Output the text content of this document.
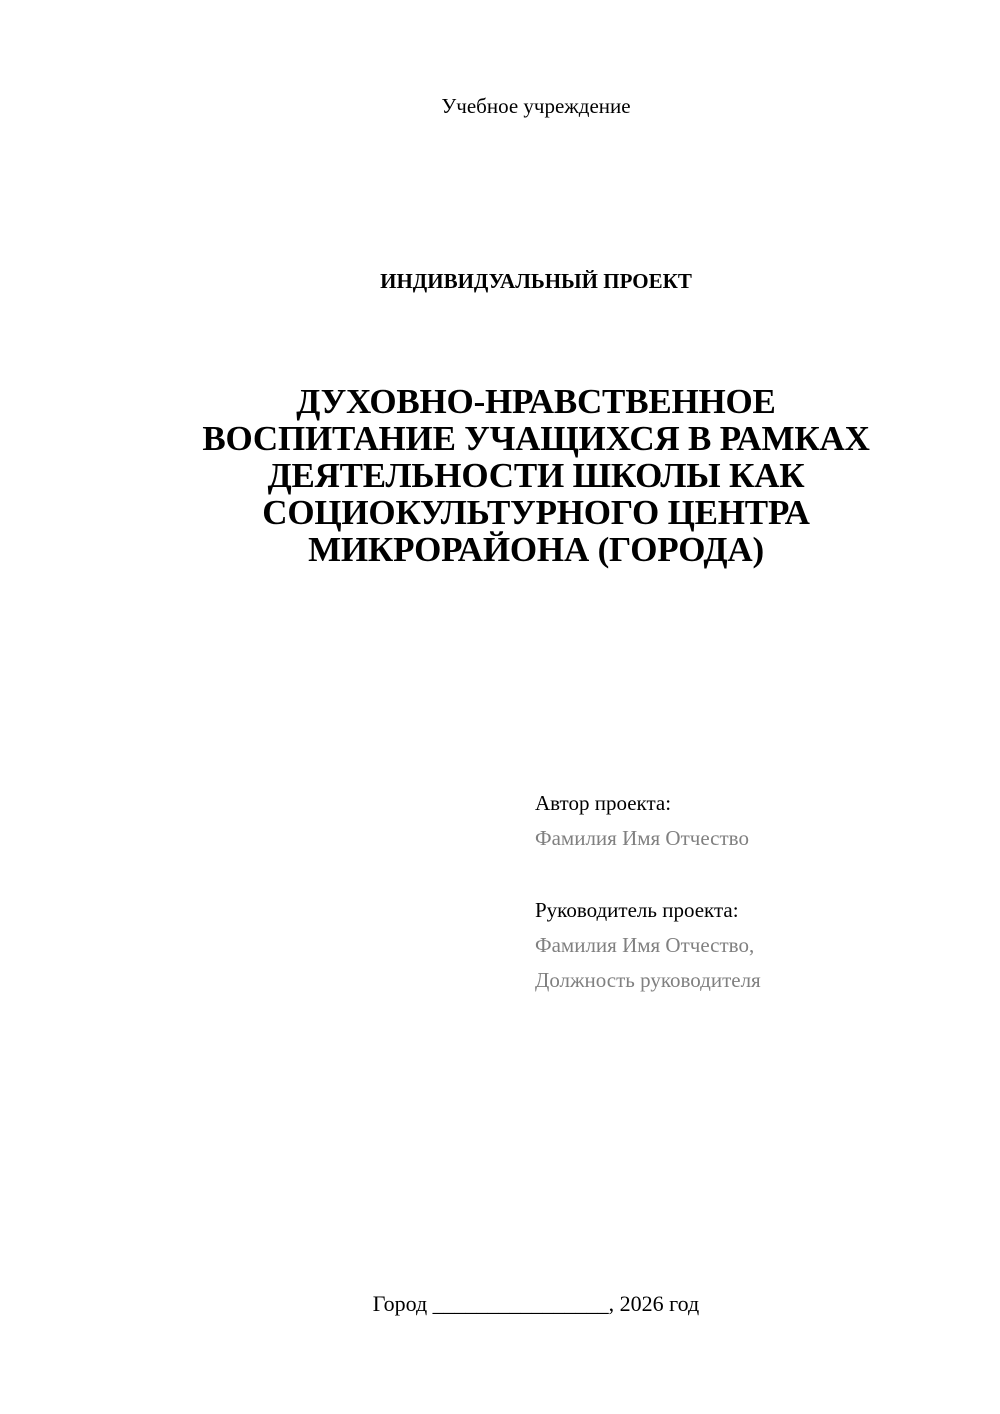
Учебное учреждение
ИНДИВИДУАЛЬНЫЙ ПРОЕКТ
ДУХОВНО-НРАВСТВЕННОЕ
ВОСПИТАНИЕ УЧАЩИХСЯ В РАМКАХ
ДЕЯТЕЛЬНОСТИ ШКОЛЫ КАК
СОЦИОКУЛЬТУРНОГО ЦЕНТРА
МИКРОРАЙОНА (ГОРОДА)
Автор проекта:
Фамилия Имя Отчество
Руководитель проекта:
Фамилия Имя Отчество,
Должность руководителя
Город ________________, 2026 год
